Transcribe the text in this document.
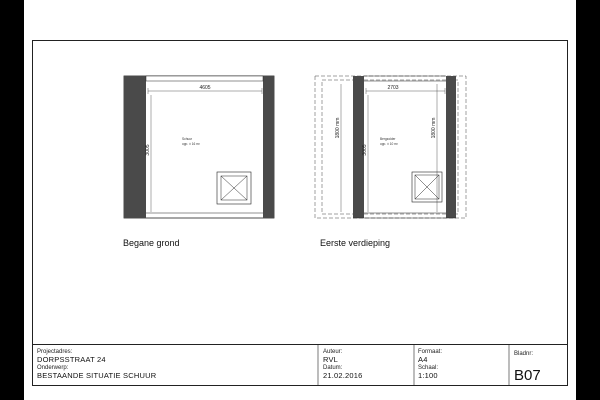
4605
3005
Schuur
opp. ± 16 m²
2703
3005
1800 mm	1800 mm
Bergzolder
opp. ± 10 m²
Begane grond	Eerste verdieping
Projectadres:
DORPSSTRAAT 24
Onderwerp:
BESTAANDE SITUATIE SCHUUR
Auteur:
RVL
Datum:
21.02.2016
Formaat:
A4
Schaal:
1:100
Bladnr:
B07
